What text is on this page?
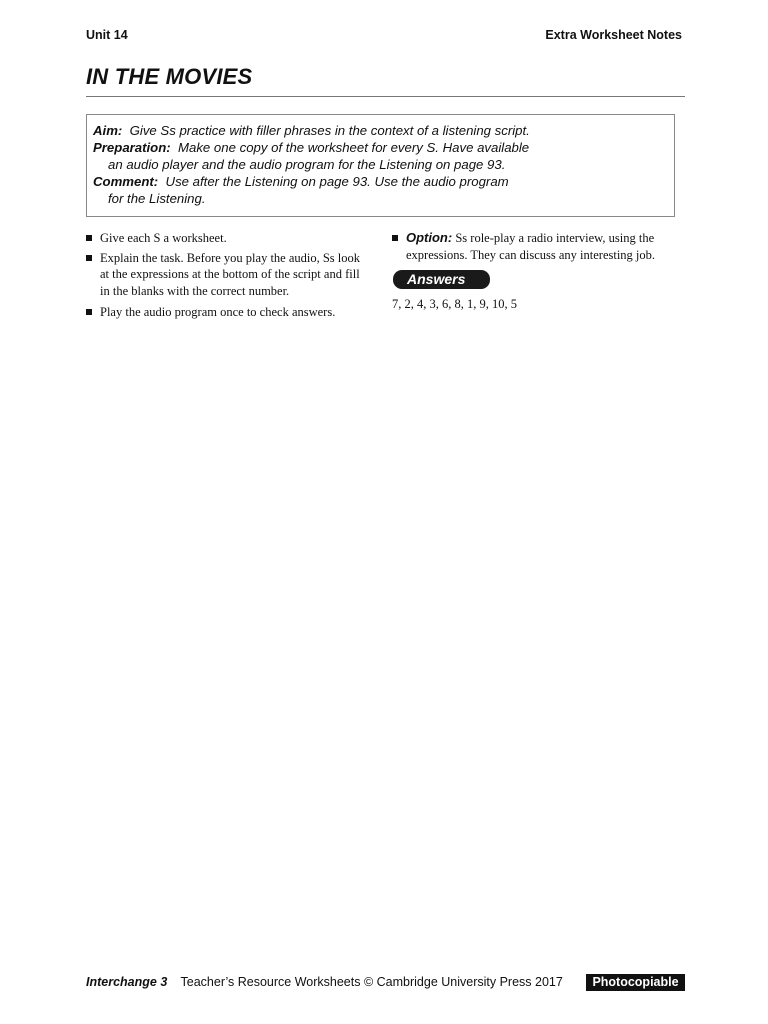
Unit 14	Extra Worksheet Notes
IN THE MOVIES
Aim: Give Ss practice with filler phrases in the context of a listening script.
Preparation: Make one copy of the worksheet for every S. Have available
an audio player and the audio program for the Listening on page 93.
Comment: Use after the Listening on page 93. Use the audio program
for the Listening.
Give each S a worksheet.
Explain the task. Before you play the audio, Ss look at the expressions at the bottom of the script and fill in the blanks with the correct number.
Play the audio program once to check answers.
Option: Ss role-play a radio interview, using the expressions. They can discuss any interesting job.
Answers
7, 2, 4, 3, 6, 8, 1, 9, 10, 5
Interchange 3 Teacher’s Resource Worksheets © Cambridge University Press 2017	Photocopiable
